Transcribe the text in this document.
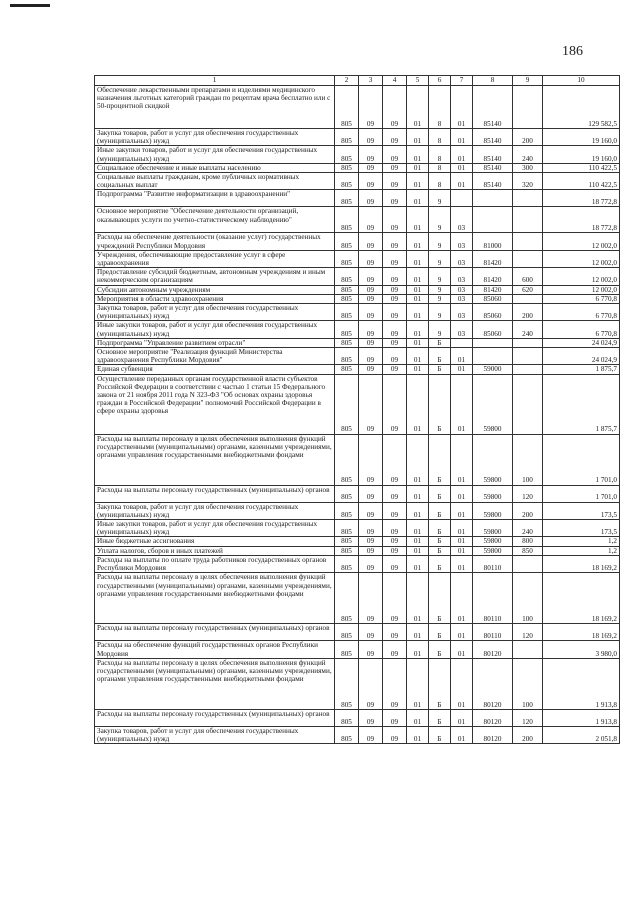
186
1	2	3	4	5	6	7	8	9	10
Обеспечение лекарственными препаратами и изделиями медицинского назначения льготных категорий граждан по рецептам врача бесплатно или с 50-процентной скидкой	805	09	09	01	8	01	85140		129 582,5
Закупка товаров, работ и услуг для обеспечения государственных (муниципальных) нужд	805	09	09	01	8	01	85140	200	19 160,0
Иные закупки товаров, работ и услуг для обеспечения государственных (муниципальных) нужд	805	09	09	01	8	01	85140	240	19 160,0
Социальное обеспечение и иные выплаты населению	805	09	09	01	8	01	85140	300	110 422,5
Социальные выплаты гражданам, кроме публичных нормативных социальных выплат	805	09	09	01	8	01	85140	320	110 422,5
Подпрограмма "Развитие информатизации в здравоохранении"	805	09	09	01	9				18 772,8
Основное мероприятие "Обеспечение деятельности организаций, оказывающих услуги по учетно-статистическому наблюдению"	805	09	09	01	9	03			18 772,8
Расходы на обеспечение деятельности (оказание услуг) государственных учреждений Республики Мордовия	805	09	09	01	9	03	81000		12 002,0
Учреждения, обеспечивающие предоставление услуг в сфере здравоохранения	805	09	09	01	9	03	81420		12 002,0
Предоставление субсидий бюджетным, автономным учреждениям и иным некоммерческим организациям	805	09	09	01	9	03	81420	600	12 002,0
Субсидии автономным учреждениям	805	09	09	01	9	03	81420	620	12 002,0
Мероприятия в области здравоохранения	805	09	09	01	9	03	85060		6 770,8
Закупка товаров, работ и услуг для обеспечения государственных (муниципальных) нужд	805	09	09	01	9	03	85060	200	6 770,8
Иные закупки товаров, работ и услуг для обеспечения государственных (муниципальных) нужд	805	09	09	01	9	03	85060	240	6 770,8
Подпрограмма "Управление развитием отрасли"	805	09	09	01	Б				24 024,9
Основное мероприятие "Реализация функций Министерства здравоохранения Республики Мордовия"	805	09	09	01	Б	01			24 024,9
Единая субвенция	805	09	09	01	Б	01	59000		1 875,7
Осуществление переданных органам государственной власти субъектов Российской Федерации в соответствии с частью 1 статьи 15 Федерального закона от 21 ноября 2011 года N 323-ФЗ "Об основах охраны здоровья граждан в Российской Федерации" полномочий Российской Федерации в сфере охраны здоровья	805	09	09	01	Б	01	59800		1 875,7
Расходы на выплаты персоналу в целях обеспечения выполнения функций государственными (муниципальными) органами, казенными учреждениями, органами управления государственными внебюджетными фондами	805	09	09	01	Б	01	59800	100	1 701,0
Расходы на выплаты персоналу государственных (муниципальных) органов	805	09	09	01	Б	01	59800	120	1 701,0
Закупка товаров, работ и услуг для обеспечения государственных (муниципальных) нужд	805	09	09	01	Б	01	59800	200	173,5
Иные закупки товаров, работ и услуг для обеспечения государственных (муниципальных) нужд	805	09	09	01	Б	01	59800	240	173,5
Иные бюджетные ассигнования	805	09	09	01	Б	01	59800	800	1,2
Уплата налогов, сборов и иных платежей	805	09	09	01	Б	01	59800	850	1,2
Расходы на выплаты по оплате труда работников государственных органов Республики Мордовия	805	09	09	01	Б	01	80110		18 169,2
Расходы на выплаты персоналу в целях обеспечения выполнения функций государственными (муниципальными) органами, казенными учреждениями, органами управления государственными внебюджетными фондами	805	09	09	01	Б	01	80110	100	18 169,2
Расходы на выплаты персоналу государственных (муниципальных) органов	805	09	09	01	Б	01	80110	120	18 169,2
Расходы на обеспечение функций государственных органов Республики Мордовия	805	09	09	01	Б	01	80120		3 980,0
Расходы на выплаты персоналу в целях обеспечения выполнения функций государственными (муниципальными) органами, казенными учреждениями, органами управления государственными внебюджетными фондами	805	09	09	01	Б	01	80120	100	1 913,8
Расходы на выплаты персоналу государственных (муниципальных) органов	805	09	09	01	Б	01	80120	120	1 913,8
Закупка товаров, работ и услуг для обеспечения государственных (муниципальных) нужд	805	09	09	01	Б	01	80120	200	2 051,8
